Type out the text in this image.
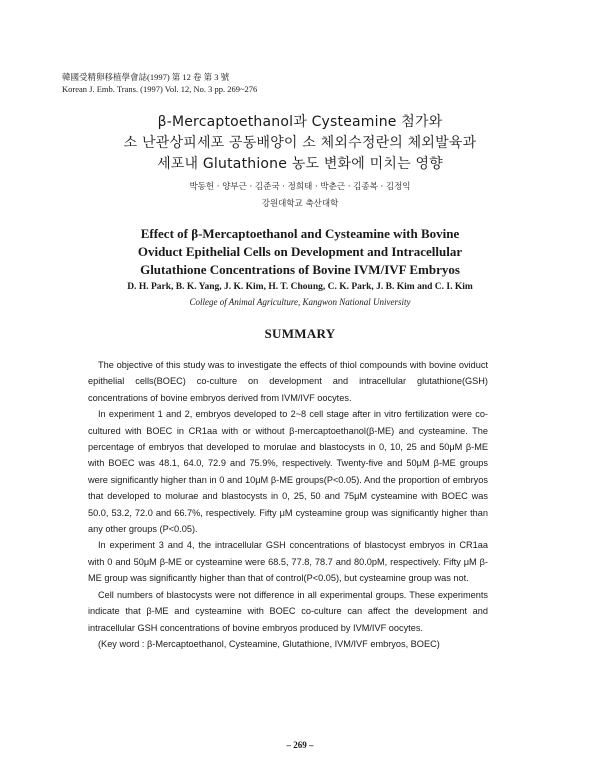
韓國受精卵移植學會誌(1997) 第 12 卷 第 3 號
Korean J. Emb. Trans. (1997) Vol. 12, No. 3 pp. 269~276
β-Mercaptoethanol과 Cysteamine 첨가와
소 난관상피세포 공동배양이 소 체외수정란의 체외발육과
세포내 Glutathione 농도 변화에 미치는 영향
박동헌 · 양부근 · 김준국 · 정희태 · 박춘근 · 김종복 · 김정익
강원대학교 축산대학
Effect of β-Mercaptoethanol and Cysteamine with Bovine
Oviduct Epithelial Cells on Development and Intracellular
Glutathione Concentrations of Bovine IVM/IVF Embryos
D. H. Park, B. K. Yang, J. K. Kim, H. T. Choung, C. K. Park, J. B. Kim and C. I. Kim
College of Animal Agriculture, Kangwon National University
SUMMARY

The objective of this study was to investigate the effects of thiol compounds with bovine oviduct epithelial cells(BOEC) co-culture on development and intracellular glutathione(GSH) concentrations of bovine embryos derived from IVM/IVF oocytes.

In experiment 1 and 2, embryos developed to 2~8 cell stage after in vitro fertilization were co-cultured with BOEC in CR1aa with or without β-mercaptoethanol(β-ME) and cysteamine. The percentage of embryos that developed to morulae and blastocysts in 0, 10, 25 and 50μM β-ME with BOEC was 48.1, 64.0, 72.9 and 75.9%, respectively. Twenty-five and 50μM β-ME groups were significantly higher than in 0 and 10μM β-ME groups(P<0.05). And the proportion of embryos that developed to molurae and blastocysts in 0, 25, 50 and 75μM cysteamine with BOEC was 50.0, 53.2, 72.0 and 66.7%, respectively. Fifty μM cysteamine group was significantly higher than any other groups (P<0.05).

In experiment 3 and 4, the intracellular GSH concentrations of blastocyst embryos in CR1aa with 0 and 50μM β-ME or cysteamine were 68.5, 77.8, 78.7 and 80.0pM, respectively. Fifty μM β-ME group was significantly higher than that of control(P<0.05), but cysteamine group was not.

Cell numbers of blastocysts were not difference in all experimental groups. These experiments indicate that β-ME and cysteamine with BOEC co-culture can affect the development and intracellular GSH concentrations of bovine embryos produced by IVM/IVF oocytes.

(Key word : β-Mercaptoethanol, Cysteamine, Glutathione, IVM/IVF embryos, BOEC)

– 269 –
